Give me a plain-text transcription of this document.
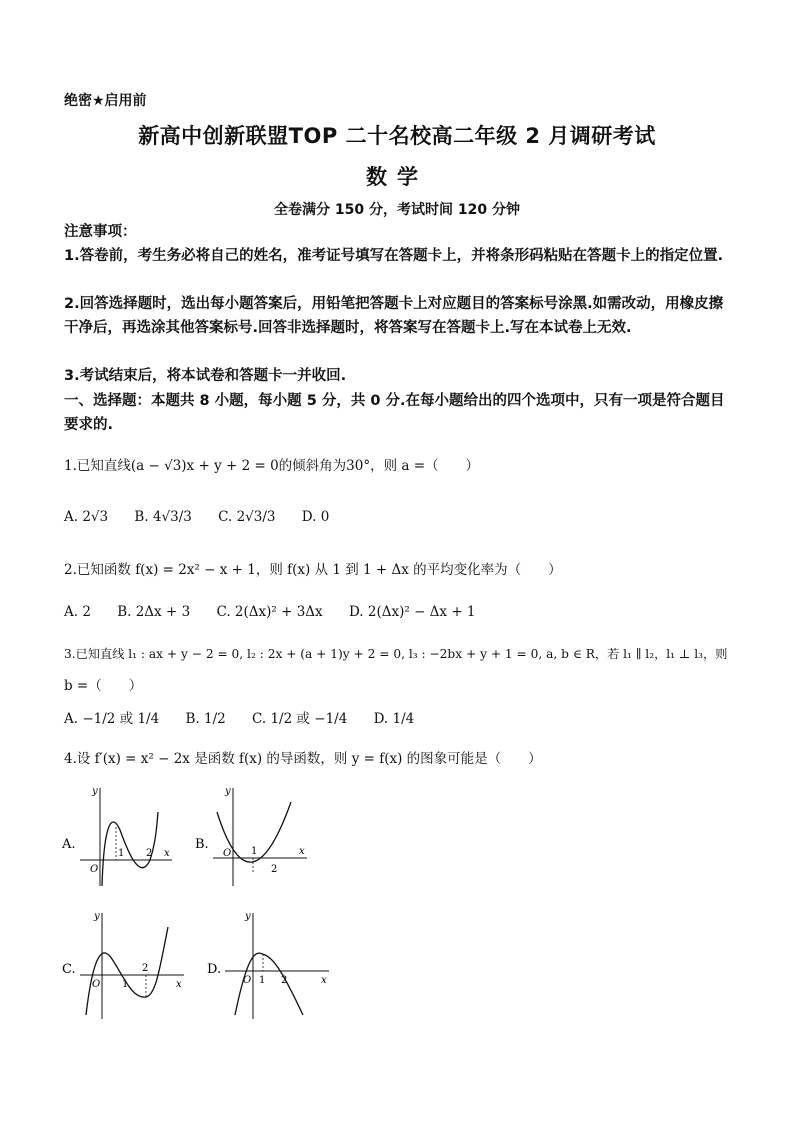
绝密★启用前
新高中创新联盟TOP 二十名校高二年级 2 月调研考试
数学
全卷满分 150 分，考试时间 120 分钟
注意事项：
1.答卷前，考生务必将自己的姓名，准考证号填写在答题卡上，并将条形码粘贴在答题卡上的指定位置.
2.回答选择题时，选出每小题答案后，用铅笔把答题卡上对应题目的答案标号涂黑.如需改动，用橡皮擦干净后，再选涂其他答案标号.回答非选择题时，将答案写在答题卡上.写在本试卷上无效.
3.考试结束后，将本试卷和答题卡一并收回.
一、选择题：本题共 8 小题，每小题 5 分，共 0 分.在每小题给出的四个选项中，只有一项是符合题目要求的.
1.已知直线(a − √3)x + y + 2 = 0的倾斜角为30°，则 a =（　　）
A. 2√3 B. 4√3/3 C. 2√3/3 D. 0
2.已知函数 f(x) = 2x² − x + 1，则 f(x) 从 1 到 1 + Δx 的平均变化率为（　　）
A. 2 B. 2Δx + 3 C. 2(Δx)² + 3Δx D. 2(Δx)² − Δx + 1
3.已知直线 l₁ : ax + y − 2 = 0, l₂ : 2x + (a + 1)y + 2 = 0, l₃ : −2bx + y + 1 = 0, a, b ∈ R，若 l₁ ∥ l₂，l₁ ⊥ l₃，则
b =（　　）
A. −1/2 或 1/4 B. 1/2 C. 1/2 或 −1/4 D. 1/4
4.设 f′(x) = x² − 2x 是函数 f(x) 的导函数，则 y = f(x) 的图象可能是（　　）
A.
y
x
O
1 2
B.
y
x
O 1
2
C.
y
x
O 1
2	D.
y
x
O 1 2
